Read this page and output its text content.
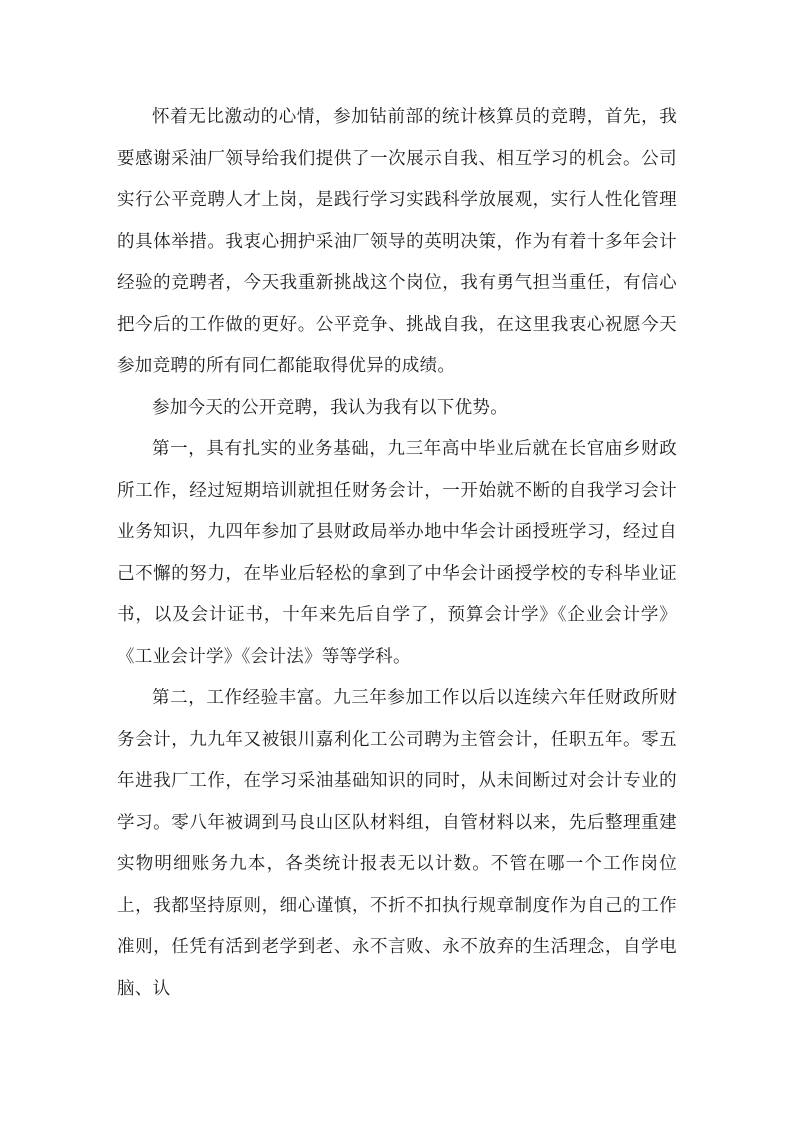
怀着无比激动的心情，参加钻前部的统计核算员的竞聘，首先，我要感谢采油厂领导给我们提供了一次展示自我、相互学习的机会。公司实行公平竞聘人才上岗，是践行学习实践科学放展观，实行人性化管理的具体举措。我衷心拥护采油厂领导的英明决策，作为有着十多年会计经验的竞聘者，今天我重新挑战这个岗位，我有勇气担当重任，有信心把今后的工作做的更好。公平竞争、挑战自我，在这里我衷心祝愿今天参加竞聘的所有同仁都能取得优异的成绩。

参加今天的公开竞聘，我认为我有以下优势。

第一，具有扎实的业务基础，九三年高中毕业后就在长官庙乡财政所工作，经过短期培训就担任财务会计，一开始就不断的自我学习会计业务知识，九四年参加了县财政局举办地中华会计函授班学习，经过自己不懈的努力，在毕业后轻松的拿到了中华会计函授学校的专科毕业证书，以及会计证书，十年来先后自学了，预算会计学》《企业会计学》《工业会计学》《会计法》等等学科。

第二，工作经验丰富。九三年参加工作以后以连续六年任财政所财务会计，九九年又被银川嘉利化工公司聘为主管会计，任职五年。零五年进我厂工作，在学习采油基础知识的同时，从未间断过对会计专业的学习。零八年被调到马良山区队材料组，自管材料以来，先后整理重建实物明细账务九本，各类统计报表无以计数。不管在哪一个工作岗位上，我都坚持原则，细心谨慎，不折不扣执行规章制度作为自己的工作准则，任凭有活到老学到老、永不言败、永不放弃的生活理念，自学电脑、认
